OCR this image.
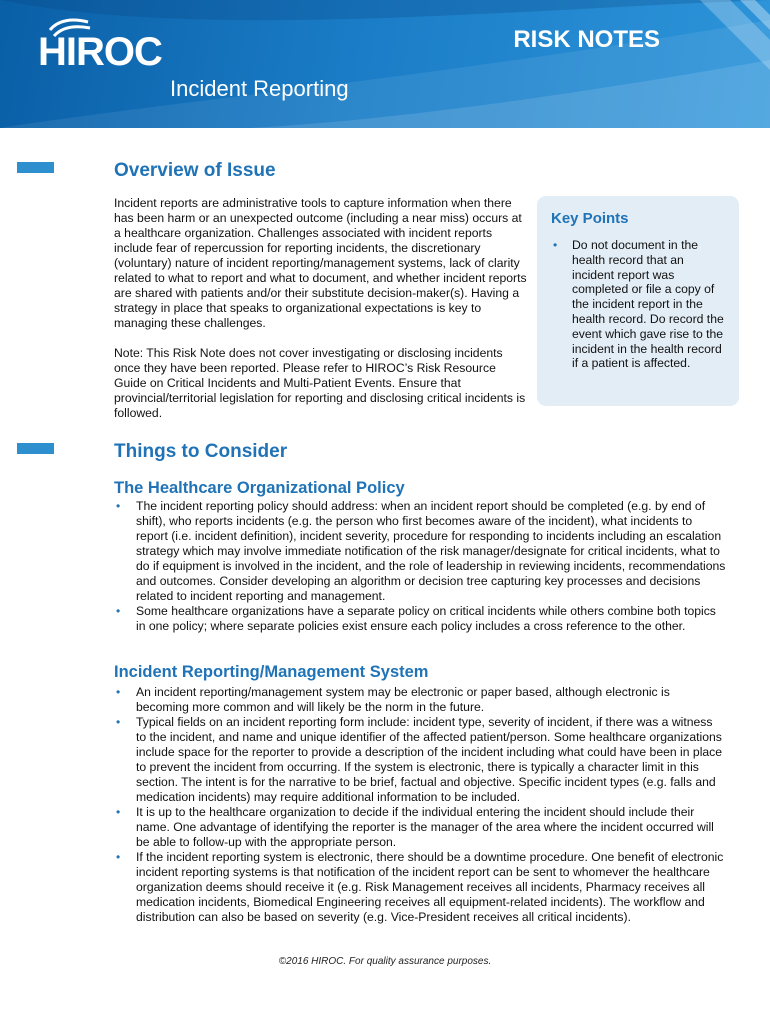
HIROC	RISK NOTES
Incident Reporting
Overview of Issue

Incident reports are administrative tools to capture information when there has been harm or an unexpected outcome (including a near miss) occurs at a healthcare organization. Challenges associated with incident reports include fear of repercussion for reporting incidents, the discretionary (voluntary) nature of incident reporting/management systems, lack of clarity related to what to report and what to document, and whether incident reports are shared with patients and/or their substitute decision-maker(s). Having a strategy in place that speaks to organizational expectations is key to managing these challenges.

Note: This Risk Note does not cover investigating or disclosing incidents once they have been reported. Please refer to HIROC’s Risk Resource Guide on Critical Incidents and Multi-Patient Events. Ensure that provincial/territorial legislation for reporting and disclosing critical incidents is followed.

Key Points
• Do not document in the health record that an incident report was completed or file a copy of the incident report in the health record. Do record the event which gave rise to the incident in the health record if a patient is affected.
Things to Consider
The Healthcare Organizational Policy
• The incident reporting policy should address: when an incident report should be completed (e.g. by end of shift), who reports incidents (e.g. the person who first becomes aware of the incident), what incidents to report (i.e. incident definition), incident severity, procedure for responding to incidents including an escalation strategy which may involve immediate notification of the risk manager/designate for critical incidents, what to do if equipment is involved in the incident, and the role of leadership in reviewing incidents, recommendations and outcomes. Consider developing an algorithm or decision tree capturing key processes and decisions related to incident reporting and management.
• Some healthcare organizations have a separate policy on critical incidents while others combine both topics in one policy; where separate policies exist ensure each policy includes a cross reference to the other.
Incident Reporting/Management System
• An incident reporting/management system may be electronic or paper based, although electronic is becoming more common and will likely be the norm in the future.
• Typical fields on an incident reporting form include: incident type, severity of incident, if there was a witness to the incident, and name and unique identifier of the affected patient/person. Some healthcare organizations include space for the reporter to provide a description of the incident including what could have been in place to prevent the incident from occurring. If the system is electronic, there is typically a character limit in this section. The intent is for the narrative to be brief, factual and objective. Specific incident types (e.g. falls and medication incidents) may require additional information to be included.
• It is up to the healthcare organization to decide if the individual entering the incident should include their name. One advantage of identifying the reporter is the manager of the area where the incident occurred will be able to follow-up with the appropriate person.
• If the incident reporting system is electronic, there should be a downtime procedure. One benefit of electronic incident reporting systems is that notification of the incident report can be sent to whomever the healthcare organization deems should receive it (e.g. Risk Management receives all incidents, Pharmacy receives all medication incidents, Biomedical Engineering receives all equipment-related incidents). The workflow and distribution can also be based on severity (e.g. Vice-President receives all critical incidents).
©2016 HIROC. For quality assurance purposes.
